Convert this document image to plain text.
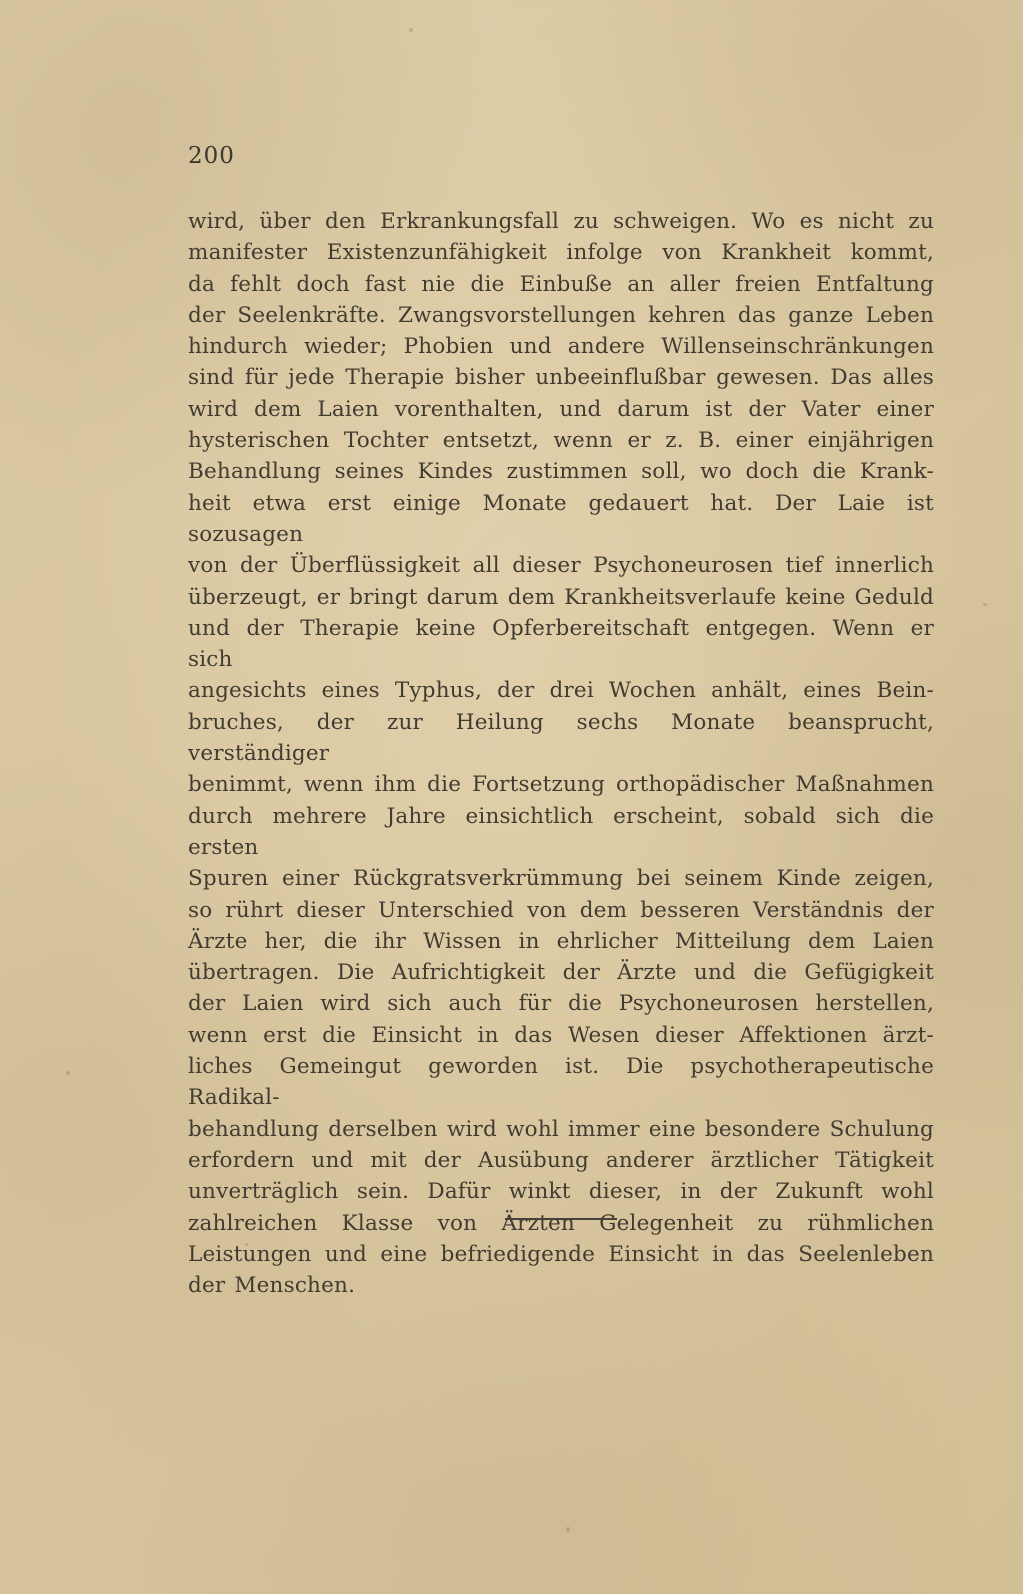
200
wird, über den Erkrankungsfall zu schweigen. Wo es nicht zu
manifester Existenzunfähigkeit infolge von Krankheit kommt,
da fehlt doch fast nie die Einbuße an aller freien Entfaltung
der Seelenkräfte. Zwangsvorstellungen kehren das ganze Leben
hindurch wieder; Phobien und andere Willenseinschränkungen
sind für jede Therapie bisher unbeeinflußbar gewesen. Das alles
wird dem Laien vorenthalten, und darum ist der Vater einer
hysterischen Tochter entsetzt, wenn er z. B. einer einjährigen
Behandlung seines Kindes zustimmen soll, wo doch die Krank-
heit etwa erst einige Monate gedauert hat. Der Laie ist sozusagen
von der Überflüssigkeit all dieser Psychoneurosen tief innerlich
überzeugt, er bringt darum dem Krankheitsverlaufe keine Geduld
und der Therapie keine Opferbereitschaft entgegen. Wenn er sich
angesichts eines Typhus, der drei Wochen anhält, eines Bein-
bruches, der zur Heilung sechs Monate beansprucht, verständiger
benimmt, wenn ihm die Fortsetzung orthopädischer Maßnahmen
durch mehrere Jahre einsichtlich erscheint, sobald sich die ersten
Spuren einer Rückgratsverkrümmung bei seinem Kinde zeigen,
so rührt dieser Unterschied von dem besseren Verständnis der
Ärzte her, die ihr Wissen in ehrlicher Mitteilung dem Laien
übertragen. Die Aufrichtigkeit der Ärzte und die Gefügigkeit
der Laien wird sich auch für die Psychoneurosen herstellen,
wenn erst die Einsicht in das Wesen dieser Affektionen ärzt-
liches Gemeingut geworden ist. Die psychotherapeutische Radikal-
behandlung derselben wird wohl immer eine besondere Schulung
erfordern und mit der Ausübung anderer ärztlicher Tätigkeit
unverträglich sein. Dafür winkt dieser, in der Zukunft wohl
zahlreichen Klasse von Ärzten Gelegenheit zu rühmlichen
Leistungen und eine befriedigende Einsicht in das Seelenleben
der Menschen.
